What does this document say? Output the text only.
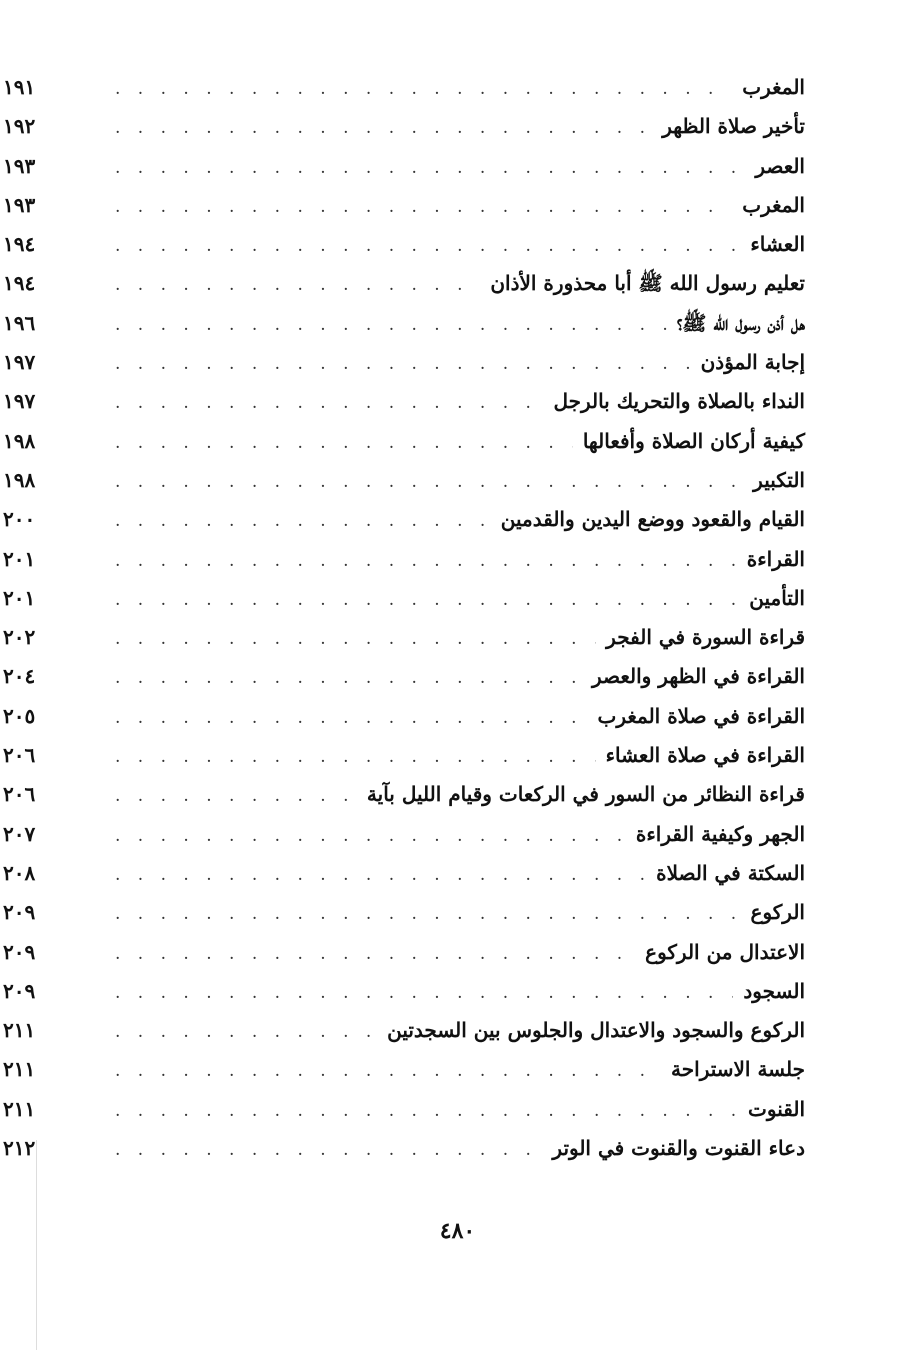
المغرب
. . .
١٩١
تأخير صلاة الظهر
. . .
١٩٢
العصر
. . .
١٩٣
المغرب
. . .
١٩٣
العشاء
. . .
١٩٤
تعليم رسول الله ﷺ أبا محذورة الأذان
. . .
١٩٤
هل أذن رسول الله ﷺ؟
. . .
١٩٦
إجابة المؤذن
. . .
١٩٧
النداء بالصلاة والتحريك بالرجل
. . .
١٩٧
كيفية أركان الصلاة وأفعالها
. . .
١٩٨
التكبير
. . .
١٩٨
القيام والقعود ووضع اليدين والقدمين
. . .
٢٠٠
القراءة
. . .
٢٠١
التأمين
. . .
٢٠١
قراءة السورة في الفجر
. . .
٢٠٢
القراءة في الظهر والعصر
. . .
٢٠٤
القراءة في صلاة المغرب
. . .
٢٠٥
القراءة في صلاة العشاء
. . .
٢٠٦
قراءة النظائر من السور في الركعات وقيام الليل بآية
. . .
٢٠٦
الجهر وكيفية القراءة
. . .
٢٠٧
السكتة في الصلاة
. . .
٢٠٨
الركوع
. . .
٢٠٩
الاعتدال من الركوع
. . .
٢٠٩
السجود
. . .
٢٠٩
الركوع والسجود والاعتدال والجلوس بين السجدتين
. . .
٢١١
جلسة الاستراحة
. . .
٢١١
القنوت
. . .
٢١١
دعاء القنوت والقنوت في الوتر
. . .
٢١٢
٤٨٠
